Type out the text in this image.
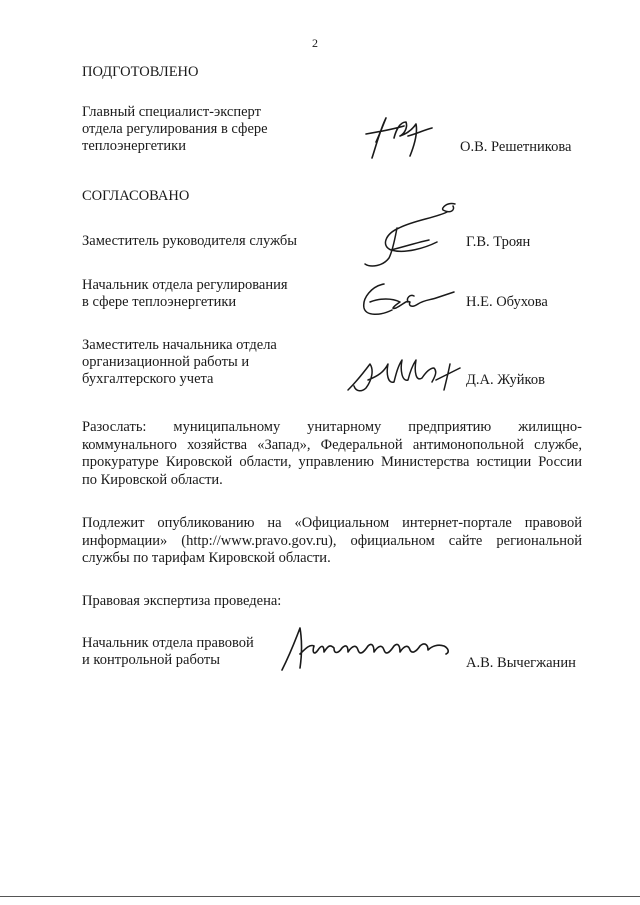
2
ПОДГОТОВЛЕНО
Главный специалист-эксперт
отдела регулирования в сфере
теплоэнергетики	О.В. Решетникова
СОГЛАСОВАНО
Заместитель руководителя службы	Г.В. Троян
Начальник отдела регулирования
в сфере теплоэнергетики	Н.Е. Обухова
Заместитель начальника отдела
организационной работы и
бухгалтерского учета	Д.А. Жуйков
Разослать: муниципальному унитарному предприятию жилищно-
коммунального хозяйства «Запад», Федеральной антимонопольной службе,
прокуратуре Кировской области, управлению Министерства юстиции России
по Кировской области.
Подлежит опубликованию на «Официальном интернет-портале правовой
информации» (http://www.pravo.gov.ru), официальном сайте региональной
службы по тарифам Кировской области.
Правовая экспертиза проведена:
Начальник отдела правовой
и контрольной работы	А.В. Вычегжанин
